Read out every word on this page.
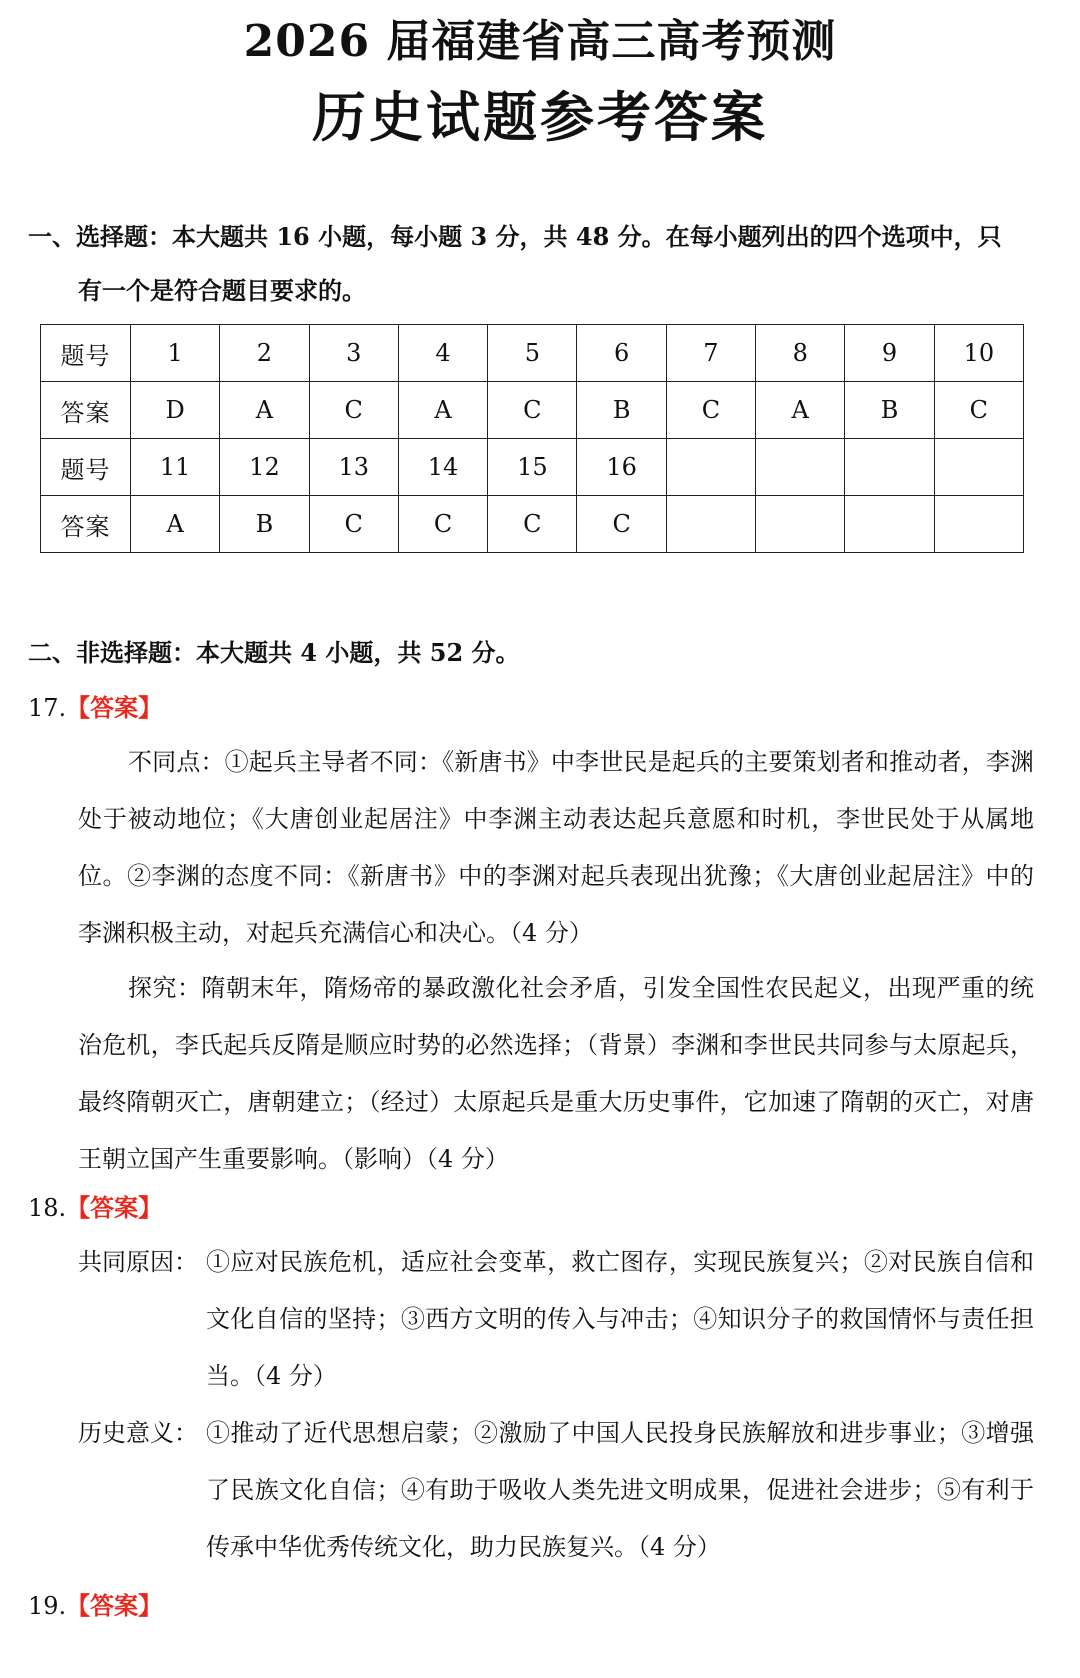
2026 届福建省高三高考预测
历史试题参考答案
一、选择题：本大题共 16 小题，每小题 3 分，共 48 分。在每小题列出的四个选项中，只
有一个是符合题目要求的。
题号	1	2	3	4	5	6	7	8	9	10
答案	D	A	C	A	C	B	C	A	B	C
题号	11	12	13	14	15	16				
答案	A	B	C	C	C	C				
二、非选择题：本大题共 4 小题，共 52 分。
17.【答案】
不同点：①起兵主导者不同：《新唐书》中李世民是起兵的主要策划者和推动者，李渊处于被动地位；《大唐创业起居注》中李渊主动表达起兵意愿和时机，李世民处于从属地位。②李渊的态度不同：《新唐书》中的李渊对起兵表现出犹豫；《大唐创业起居注》中的李渊积极主动，对起兵充满信心和决心。（4 分）
探究：隋朝末年，隋炀帝的暴政激化社会矛盾，引发全国性农民起义，出现严重的统治危机，李氏起兵反隋是顺应时势的必然选择；（背景）李渊和李世民共同参与太原起兵，最终隋朝灭亡，唐朝建立；（经过）太原起兵是重大历史事件，它加速了隋朝的灭亡，对唐王朝立国产生重要影响。（影响）（4 分）
18.【答案】
共同原因： ①应对民族危机，适应社会变革，救亡图存，实现民族复兴；②对民族自信和文化自信的坚持；③西方文明的传入与冲击；④知识分子的救国情怀与责任担当。（4 分）
历史意义： ①推动了近代思想启蒙；②激励了中国人民投身民族解放和进步事业；③增强了民族文化自信；④有助于吸收人类先进文明成果，促进社会进步；⑤有利于传承中华优秀传统文化，助力民族复兴。（4 分）
19.【答案】
